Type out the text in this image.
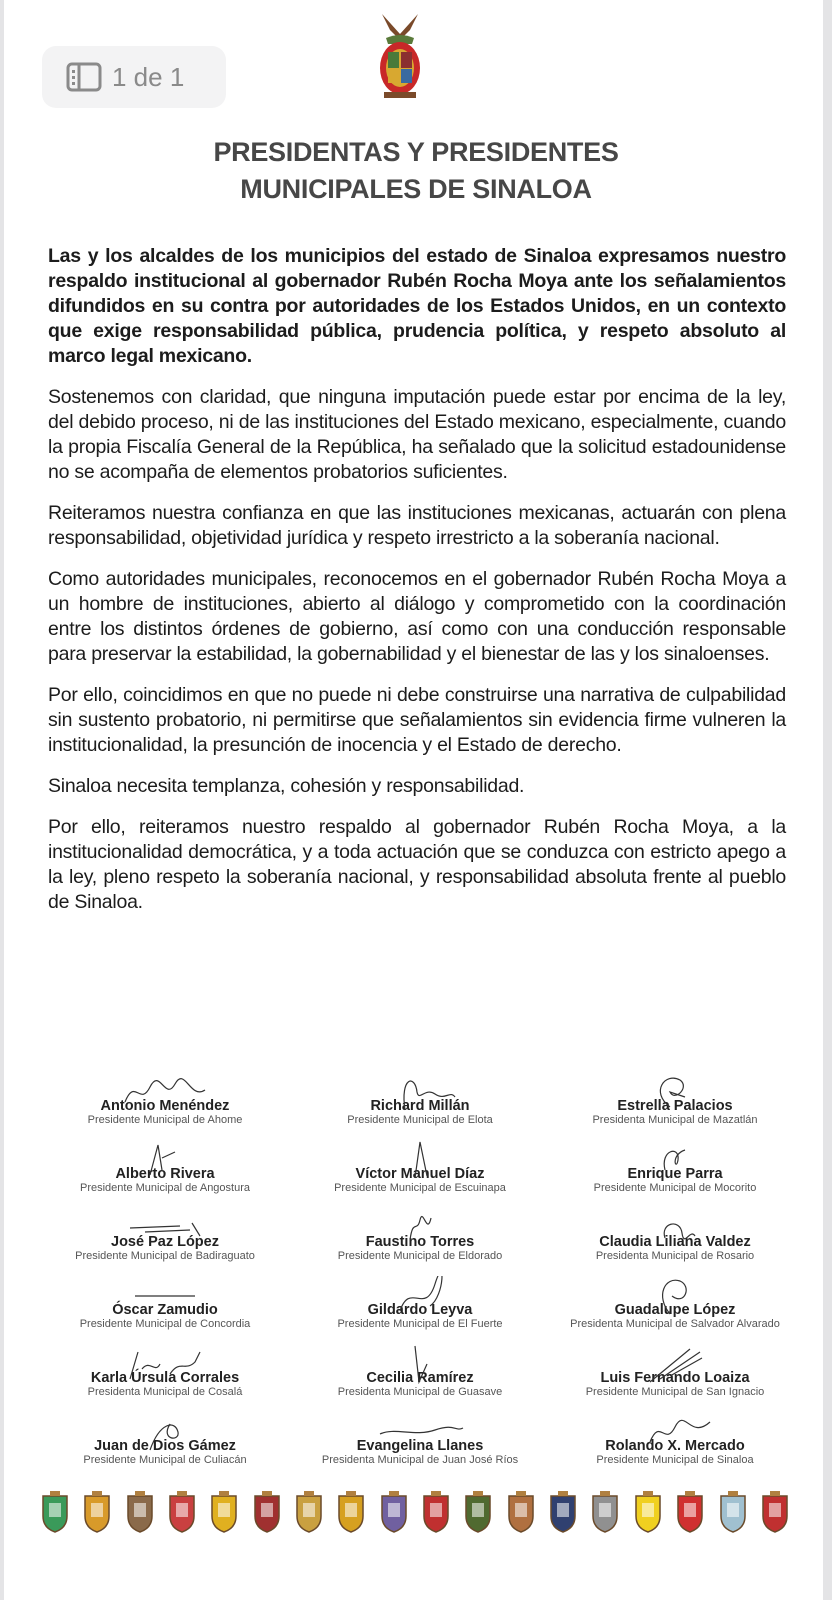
1 de 1
PRESIDENTAS Y PRESIDENTES
MUNICIPALES DE SINALOA

Las y los alcaldes de los municipios del estado de Sinaloa expresamos nuestro respaldo institucional al gobernador Rubén Rocha Moya ante los señalamientos difundidos en su contra por autoridades de los Estados Unidos, en un contexto que exige responsabilidad pública, prudencia política, y respeto absoluto al marco legal mexicano.

Sostenemos con claridad, que ninguna imputación puede estar por encima de la ley, del debido proceso, ni de las instituciones del Estado mexicano, especialmente, cuando la propia Fiscalía General de la República, ha señalado que la solicitud estadounidense no se acompaña de elementos probatorios suficientes.

Reiteramos nuestra confianza en que las instituciones mexicanas, actuarán con plena responsabilidad, objetividad jurídica y respeto irrestricto a la soberanía nacional.

Como autoridades municipales, reconocemos en el gobernador Rubén Rocha Moya a un hombre de instituciones, abierto al diálogo y comprometido con la coordinación entre los distintos órdenes de gobierno, así como con una conducción responsable para preservar la estabilidad, la gobernabilidad y el bienestar de las y los sinaloenses.

Por ello, coincidimos en que no puede ni debe construirse una narrativa de culpabilidad sin sustento probatorio, ni permitirse que señalamientos sin evidencia firme vulneren la institucionalidad, la presunción de inocencia y el Estado de derecho.

Sinaloa necesita templanza, cohesión y responsabilidad.

Por ello, reiteramos nuestro respaldo al gobernador Rubén Rocha Moya, a la institucionalidad democrática, y a toda actuación que se conduzca con estricto apego a la ley, pleno respeto la soberanía nacional, y responsabilidad absoluta frente al pueblo de Sinaloa.

Antonio Menéndez
Presidente Municipal de Ahome
Richard Millán
Presidente Municipal de Elota
Estrella Palacios
Presidenta Municipal de Mazatlán
Alberto Rivera
Presidente Municipal de Angostura
Víctor Manuel Díaz
Presidente Municipal de Escuinapa
Enrique Parra
Presidente Municipal de Mocorito
José Paz López
Presidente Municipal de Badiraguato
Faustino Torres
Presidente Municipal de Eldorado
Claudia Liliana Valdez
Presidenta Municipal de Rosario
Óscar Zamudio
Presidente Municipal de Concordia
Gildardo Leyva
Presidente Municipal de El Fuerte
Guadalupe López
Presidenta Municipal de Salvador Alvarado
Karla Úrsula Corrales
Presidenta Municipal de Cosalá
Cecilia Ramírez
Presidenta Municipal de Guasave
Luis Fernando Loaiza
Presidente Municipal de San Ignacio
Juan de Dios Gámez
Presidente Municipal de Culiacán
Evangelina Llanes
Presidenta Municipal de Juan José Ríos
Rolando X. Mercado
Presidente Municipal de Sinaloa
